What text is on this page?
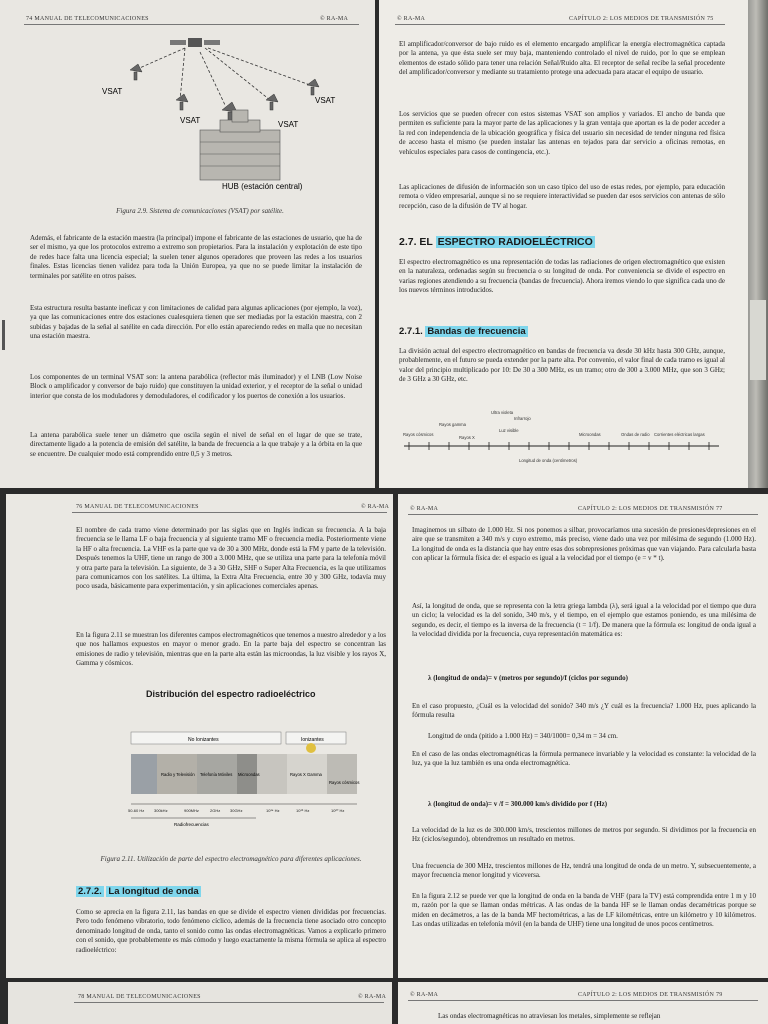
74 MANUAL DE TELECOMUNICACIONES	© RA-MA
VSAT
VSAT	VSAT
VSAT
HUB (estación central)
Figura 2.9. Sistema de comunicaciones (VSAT) por satélite.

Además, el fabricante de la estación maestra (la principal) impone el fabricante de las estaciones de usuario, que ha de ser el mismo, ya que los protocolos extremo a extremo son propietarios. Para la instalación y explotación de este tipo de redes hace falta una licencia especial; la suelen tener algunos operadores que proveen las redes a los usuarios finales. Estas licencias tienen validez para toda la Unión Europea, ya que no se puede limitar la instalación de terminales por satélite en otros países.

Esta estructura resulta bastante ineficaz y con limitaciones de calidad para algunas aplicaciones (por ejemplo, la voz), ya que las comunicaciones entre dos estaciones cualesquiera tienen que ser mediadas por la estación maestra, con 2 subidas y bajadas de la señal al satélite en cada dirección. Por ello están apareciendo redes en malla que no necesitan una estación maestra.

Los componentes de un terminal VSAT son: la antena parabólica (reflector más iluminador) y el LNB (Low Noise Block o amplificador y conversor de bajo ruido) que constituyen la unidad exterior, y el receptor de la señal o unidad interior que consta de los moduladores y demoduladores, el codificador y los puertos de conexión a los usuarios.

La antena parabólica suele tener un diámetro que oscila según el nivel de señal en el lugar de que se trate, directamente ligado a la potencia de emisión del satélite, la banda de frecuencia a la que trabaje y a la órbita en la que se encuentre. De cualquier modo está comprendido entre 0,5 y 3 metros.

© RA-MA	CAPÍTULO 2: LOS MEDIOS DE TRANSMISIÓN 75

El amplificador/conversor de bajo ruido es el elemento encargado amplificar la energía electromagnética captada por la antena, ya que ésta suele ser muy baja, manteniendo controlado el nivel de ruido, por lo que se emplean elementos de estado sólido para tener una relación Señal/Ruido alta. El receptor de señal recibe la señal procedente del amplificador/conversor y mediante su tratamiento protege una adecuada para atacar el equipo de usuario.

Los servicios que se pueden ofrecer con estos sistemas VSAT son amplios y variados. El ancho de banda que permiten es suficiente para la mayor parte de las aplicaciones y la gran ventaja que aportan es la de poder acceder a la red con independencia de la ubicación geográfica y física del usuario sin necesidad de tender ninguna red física de acceso hasta el mismo (se pueden instalar las antenas en tejados para dar servicio a oficinas remotas, en vehículos especiales para casos de contingencia, etc.).

Las aplicaciones de difusión de información son un caso típico del uso de estas redes, por ejemplo, para educación remota o vídeo empresarial, aunque si no se requiere interactividad se pueden dar esos servicios con antenas de sólo recepción, caso de la difusión de TV al hogar.

2.7. EL ESPECTRO RADIOELÉCTRICO

El espectro electromagnético es una representación de todas las radiaciones de origen electromagnético que existen en la naturaleza, ordenadas según su frecuencia o su longitud de onda. Por conveniencia se divide el espectro en varias regiones atendiendo a su frecuencia (bandas de frecuencia). Ahora iremos viendo lo que significa cada uno de los nuevos términos introducidos.

2.7.1. Bandas de frecuencia

La división actual del espectro electromagnético en bandas de frecuencia va desde 30 kHz hasta 300 GHz, aunque, probablemente, en el futuro se pueda extender por la parte alta. Por convenio, el valor final de cada tramo es igual al valor del principio multiplicado por 10: De 30 a 300 MHz, es un tramo; otro de 300 a 3.000 MHz, que son 3 GHz; de 3 GHz a 30 GHz, etc.

Ultra violeta
Infrarrojo
Rayos cósmicos
Rayos gamma
Rayos X
Luz visible
Microondas	Ondas de radio Corrientes eléctricas largas
Longitud de onda (centímetros)
76 MANUAL DE TELECOMUNICACIONES	© RA-MA

El nombre de cada tramo viene determinado por las siglas que en Inglés indican su frecuencia. A la baja frecuencia se le llama LF o baja frecuencia y al siguiente tramo MF o frecuencia media. Posteriormente viene la HF o alta frecuencia. La VHF es la parte que va de 30 a 300 MHz, donde está la FM y parte de la televisión. Después tenemos la UHF, tiene un rango de 300 a 3.000 MHz, que se utiliza una parte para la telefonía móvil y otra parte para la televisión. La siguiente, de 3 a 30 GHz, SHF o Super Alta Frecuencia, es la que utilizamos para comunicarnos con los satélites. La última, la Extra Alta Frecuencia, entre 30 y 300 GHz, todavía muy poco usada, básicamente para experimentación, y sin aplicaciones comerciales apenas.

En la figura 2.11 se muestran los diferentes campos electromagnéticos que tenemos a nuestro alrededor y a los que nos hallamos expuestos en mayor o menor grado. En la parte baja del espectro se concentran las emisiones de radio y televisión, mientras que en la parte alta están las microondas, la luz visible y los rayos X, Gamma y cósmicos.

Distribución del espectro radioeléctrico
No Ionizantes	Ionizantes
Radio y Televisión Telefonía Móviles Microondas	Rayos X Gamma
Rayos cósmicos
50-60 Hz 300kHz	900MHz	2GHz 30GHz	10¹⁴ Hz	10¹⁶ Hz	10²⁰ Hz
Radiofrecuencias
Figura 2.11. Utilización de parte del espectro electromagnético para diferentes aplicaciones.
2.7.2. La longitud de onda

Como se aprecia en la figura 2.11, las bandas en que se divide el espectro vienen divididas por frecuencias. Pero todo fenómeno vibratorio, todo fenómeno cíclico, además de la frecuencia tiene asociado otro concepto denominado longitud de onda, tanto el sonido como las ondas electromagnéticas. Vamos a explicarlo primero con el sonido, que probablemente es más cómodo y luego exactamente la misma fórmula se aplica al espectro radioeléctrico:

© RA-MA	CAPÍTULO 2: LOS MEDIOS DE TRANSMISIÓN 77

Imaginemos un silbato de 1.000 Hz. Si nos ponemos a silbar, provocaríamos una sucesión de presiones/depresiones en el aire que se transmiten a 340 m/s y cuyo extremo, más preciso, viene dado una vez por milésima de segundo (1.000 Hz). La longitud de onda es la distancia que hay entre esas dos sobrepresiones próximas que van viajando. Para calcularla basta con aplicar la fórmula física de: el espacio es igual a la velocidad por el tiempo (e = v * t).

Así, la longitud de onda, que se representa con la letra griega lambda (λ), será igual a la velocidad por el tiempo que dura un ciclo; la velocidad es la del sonido, 340 m/s, y el tiempo, en el ejemplo que estamos poniendo, es una milésima de segundo, es decir, el tiempo es la inversa de la frecuencia (t = 1/f). De manera que la fórmula es: longitud de onda igual a la velocidad dividida por la frecuencia, cuya representación matemática es:

λ (longitud de onda)= v (metros por segundo)/f (ciclos por segundo)

En el caso propuesto, ¿Cuál es la velocidad del sonido? 340 m/s ¿Y cuál es la frecuencia? 1.000 Hz, pues aplicando la fórmula resulta

Longitud de onda (pitido a 1.000 Hz) = 340/1000= 0,34 m = 34 cm.

En el caso de las ondas electromagnéticas la fórmula permanece invariable y la velocidad es constante: la velocidad de la luz, ya que la luz también es una onda electromagnética.

λ (longitud de onda)= v /f = 300.000 km/s dividido por f (Hz)

La velocidad de la luz es de 300.000 km/s, trescientos millones de metros por segundo. Si dividimos por la frecuencia en Hz (ciclos/segundo), obtendremos un resultado en metros.

Una frecuencia de 300 MHz, trescientos millones de Hz, tendrá una longitud de onda de un metro. Y, subsecuentemente, a mayor frecuencia menor longitud y viceversa.

En la figura 2.12 se puede ver que la longitud de onda en la banda de VHF (para la TV) está comprendida entre 1 m y 10 m, razón por la que se llaman ondas métricas. A las ondas de la banda HF se le llaman ondas decamétricas porque se miden en decámetros, a las de la banda MF hectométricas, a las de LF kilométricas, entre un kilómetro y 10 kilómetros. Las ondas utilizadas en telefonía móvil (en la banda de UHF) tiene una longitud de unos pocos centímetros.

78 MANUAL DE TELECOMUNICACIONES	© RA-MA	© RA-MA	CAPÍTULO 2: LOS MEDIOS DE TRANSMISIÓN 79
Las ondas electromagnéticas no atraviesan los metales, simplemente se reflejan
